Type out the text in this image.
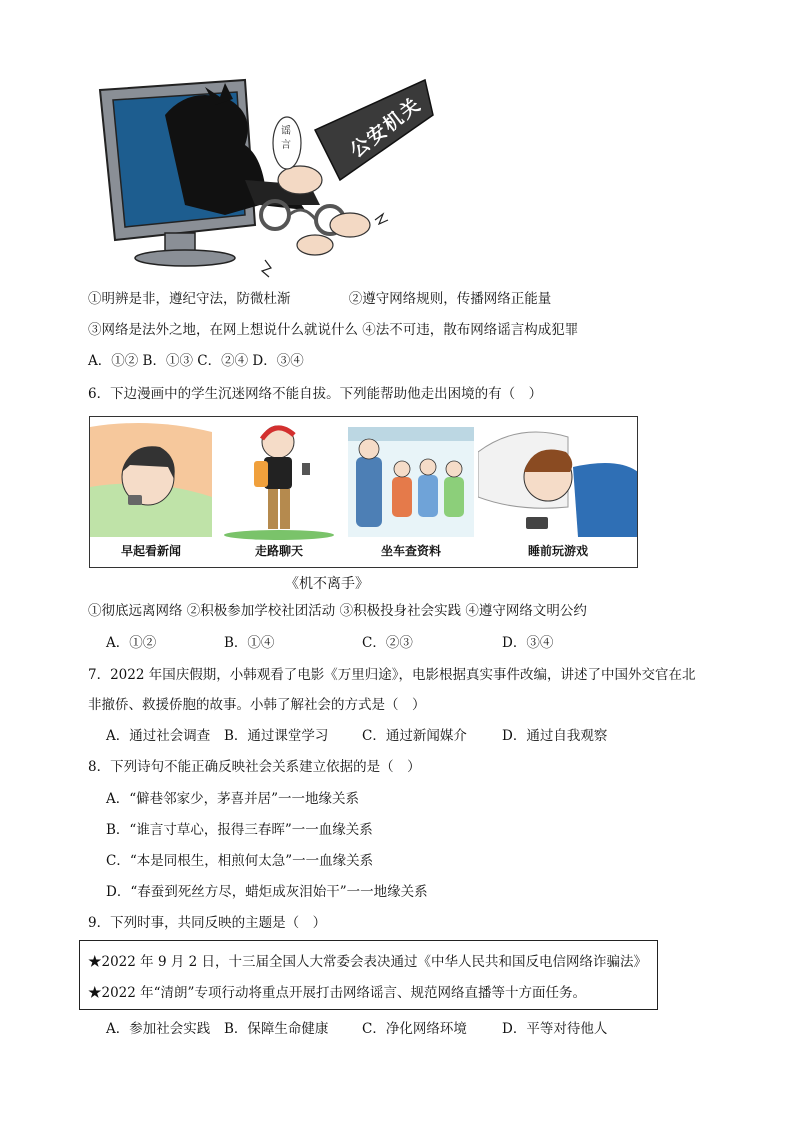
公安机关
谣言
①明辨是非，遵纪守法，防微杜渐	②遵守网络规则，传播网络正能量
③网络是法外之地，在网上想说什么就说什么 ④法不可违，散布网络谣言构成犯罪
A．①② B．①③ C．②④ D．③④
6．下边漫画中的学生沉迷网络不能自拔。下列能帮助他走出困境的有（　）
早起看新闻	走路聊天	坐车查资料	睡前玩游戏
《机不离手》
①彻底远离网络 ②积极参加学校社团活动 ③积极投身社会实践 ④遵守网络文明公约
A．①②	B．①④	C．②③	D．③④
7．2022 年国庆假期，小韩观看了电影《万里归途》，电影根据真实事件改编，讲述了中国外交官在北
非撤侨、救援侨胞的故事。小韩了解社会的方式是（　）
A．通过社会调查 B．通过课堂学习 C．通过新闻媒介	D．通过自我观察
8．下列诗句不能正确反映社会关系建立依据的是（　）
A．“僻巷邻家少，茅喜并居”一一地缘关系
B．“谁言寸草心，报得三春晖”一一血缘关系
C．“本是同根生，相煎何太急”一一血缘关系
D．“春蚕到死丝方尽，蜡炬成灰泪始干”一一地缘关系
9．下列时事，共同反映的主题是（　）
★2022 年 9 月 2 日，十三届全国人大常委会表决通过《中华人民共和国反电信网络诈骗法》
★2022 年“清朗”专项行动将重点开展打击网络谣言、规范网络直播等十方面任务。
A．参加社会实践 B．保障生命健康 C．净化网络环境	D．平等对待他人
